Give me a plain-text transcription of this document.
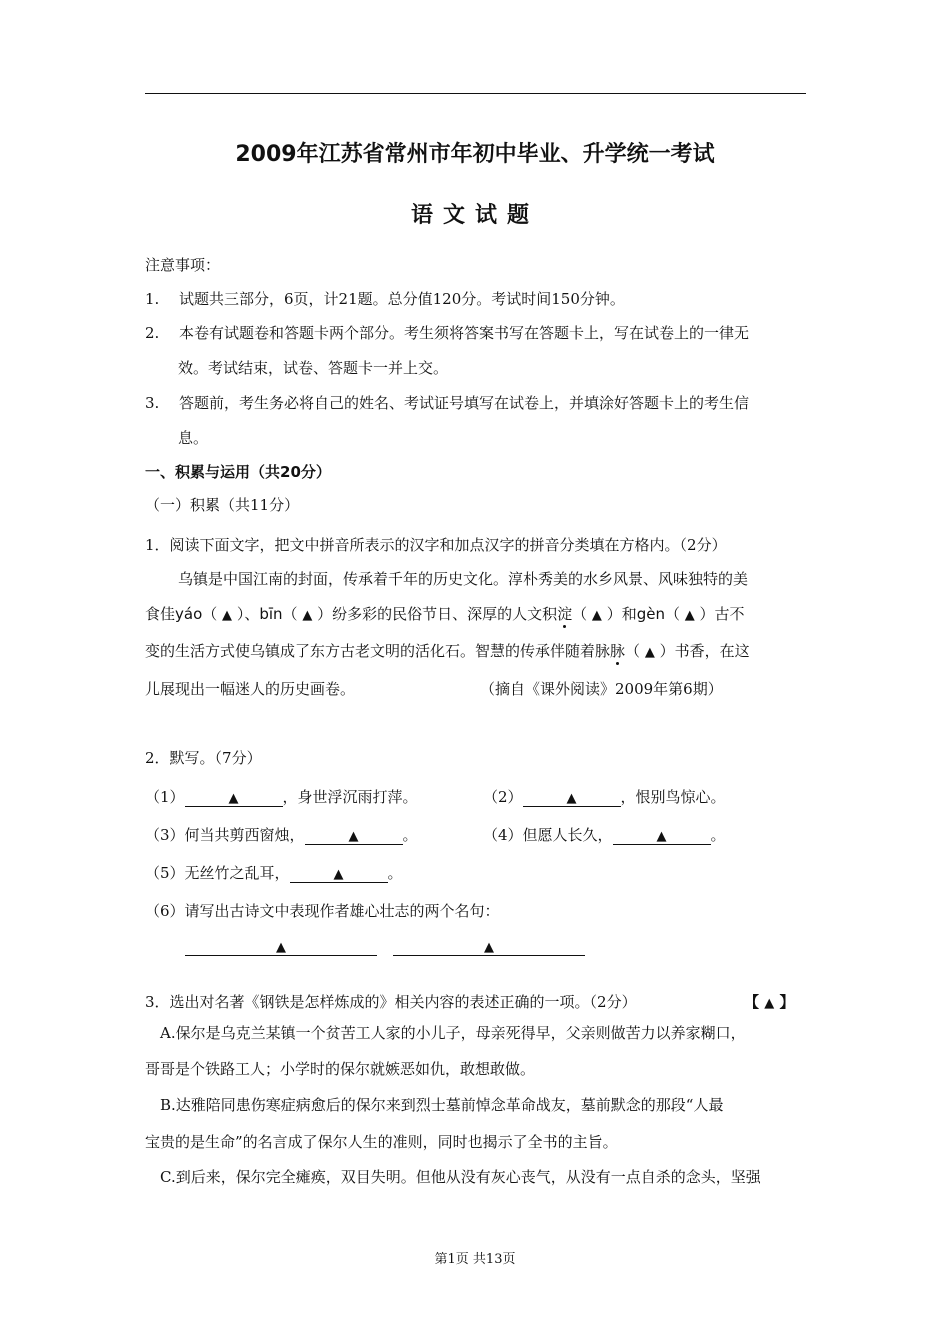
2009年江苏省常州市年初中毕业、升学统一考试
语文试题
注意事项：
1. 试题共三部分，6页，计21题。总分值120分。考试时间150分钟。
2. 本卷有试题卷和答题卡两个部分。考生须将答案书写在答题卡上，写在试卷上的一律无
效。考试结束，试卷、答题卡一并上交。
3. 答题前，考生务必将自己的姓名、考试证号填写在试卷上，并填涂好答题卡上的考生信
息。
一、积累与运用（共20分）
（一）积累（共11分）
1．阅读下面文字，把文中拼音所表示的汉字和加点汉字的拼音分类填在方格内。（2分）
乌镇是中国江南的封面，传承着千年的历史文化。淳朴秀美的水乡风景、风味独特的美
食佳yáo（ ▲ ）、bīn（ ▲ ）纷多彩的民俗节日、深厚的人文积淀（ ▲ ）和gèn（ ▲ ）古不
变的生活方式使乌镇成了东方古老文明的活化石。智慧的传承伴随着脉脉（ ▲ ）书香，在这
儿展现出一幅迷人的历史画卷。	（摘自《课外阅读》2009年第6期）
2．默写。（7分）
（1）	▲	，身世浮沉雨打萍。	（2）	▲	，恨别鸟惊心。
（3）何当共剪西窗烛，	▲	。	（4）但愿人长久，	▲	。
（5）无丝竹之乱耳，	▲	。
（6）请写出古诗文中表现作者雄心壮志的两个名句：
▲	▲
3．选出对名著《钢铁是怎样炼成的》相关内容的表述正确的一项。（2分）	【 ▲ 】
A.保尔是乌克兰某镇一个贫苦工人家的小儿子，母亲死得早，父亲则做苦力以养家糊口，
哥哥是个铁路工人；小学时的保尔就嫉恶如仇，敢想敢做。
B.达雅陪同患伤寒症病愈后的保尔来到烈士墓前悼念革命战友，墓前默念的那段“人最
宝贵的是生命”的名言成了保尔人生的准则，同时也揭示了全书的主旨。
C.到后来，保尔完全瘫痪，双目失明。但他从没有灰心丧气，从没有一点自杀的念头，坚强
第1页 共13页
